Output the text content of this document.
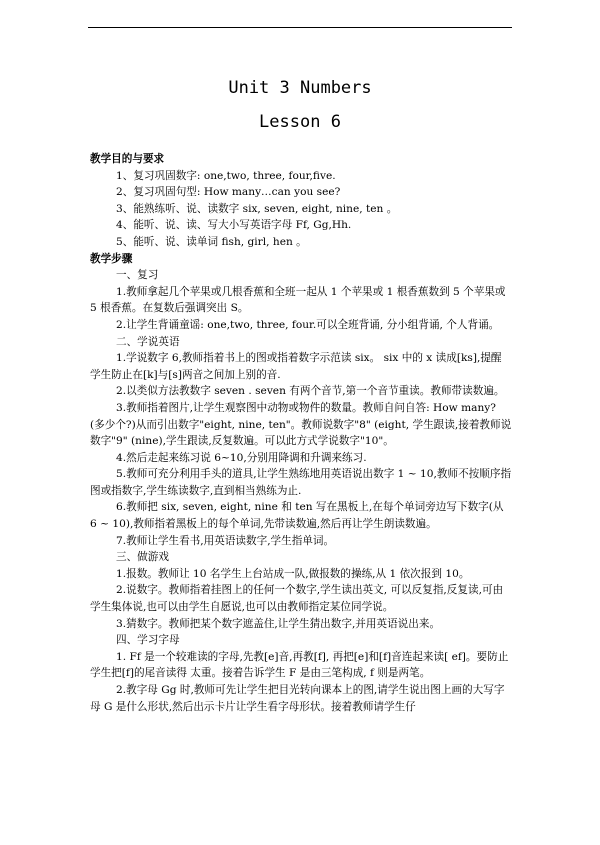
Unit 3 Numbers
Lesson 6

教学目的与要求

1、复习巩固数字: one,two, three, four,five.

2、复习巩固句型: How many…can you see?

3、能熟练听、说、读数字 six, seven, eight, nine, ten 。

4、能听、说、读、写大小写英语字母 Ff, Gg,Hh.

5、能听、说、读单词 fish, girl, hen 。

教学步骤

一、复习

1.教师拿起几个苹果或几根香蕉和全班一起从 1 个苹果或 1 根香蕉数到 5 个苹果或 5 根香蕉。在复数后强调突出 S。

2.让学生背诵童谣: one,two, three, four.可以全班背诵, 分小组背诵, 个人背诵。

二、学说英语

1.学说数字 6,教师指着书上的图或指着数字示范读 six。 six 中的 x 读成[ks],提醒学生防止在[k]与[s]两音之间加上别的音.

2.以类似方法教数字 seven . seven 有两个音节,第一个音节重读。教师带读数遍。

3.教师指着图片,让学生观察图中动物或物件的数量。教师自问自答: How many? (多少个?)从而引出数字"eight, nine, ten"。教师说数字"8" (eight, 学生跟读,接着教师说数字"9" (nine),学生跟读,反复数遍。可以此方式学说数字"10"。

4.然后走起来练习说 6~10,分别用降调和升调来练习.

5.教师可充分利用手头的道具,让学生熟练地用英语说出数字 1 ~ 10,教师不按顺序指图或指数字,学生练读数字,直到相当熟练为止.

6.教师把 six, seven, eight, nine 和 ten 写在黑板上,在每个单词旁边写下数字(从 6 ~ 10),教师指着黑板上的每个单词,先带读数遍,然后再让学生朗读数遍。

7.教师让学生看书,用英语读数字,学生指单词。

三、做游戏

1.报数。教师让 10 名学生上台站成一队,做报数的操练,从 1 依次报到 10。

2.说数字。教师指着挂图上的任何一个数字,学生读出英文, 可以反复指,反复读,可由学生集体说,也可以由学生自愿说,也可以由教师指定某位同学说。

3.猜数字。教师把某个数字遮盖住,让学生猜出数字,并用英语说出来。

四、学习字母

1. Ff 是一个较难读的字母,先教[e]音,再教[f], 再把[e]和[f]音连起来读[ ef]。要防止学生把[f]的尾音读得 太重。接着告诉学生 F 是由三笔构成, f 则是两笔。

2.教字母 Gg 时,教师可先让学生把目光转向课本上的图,请学生说出图上画的大写字母 G 是什么形状,然后出示卡片让学生看字母形状。接着教师请学生仔
